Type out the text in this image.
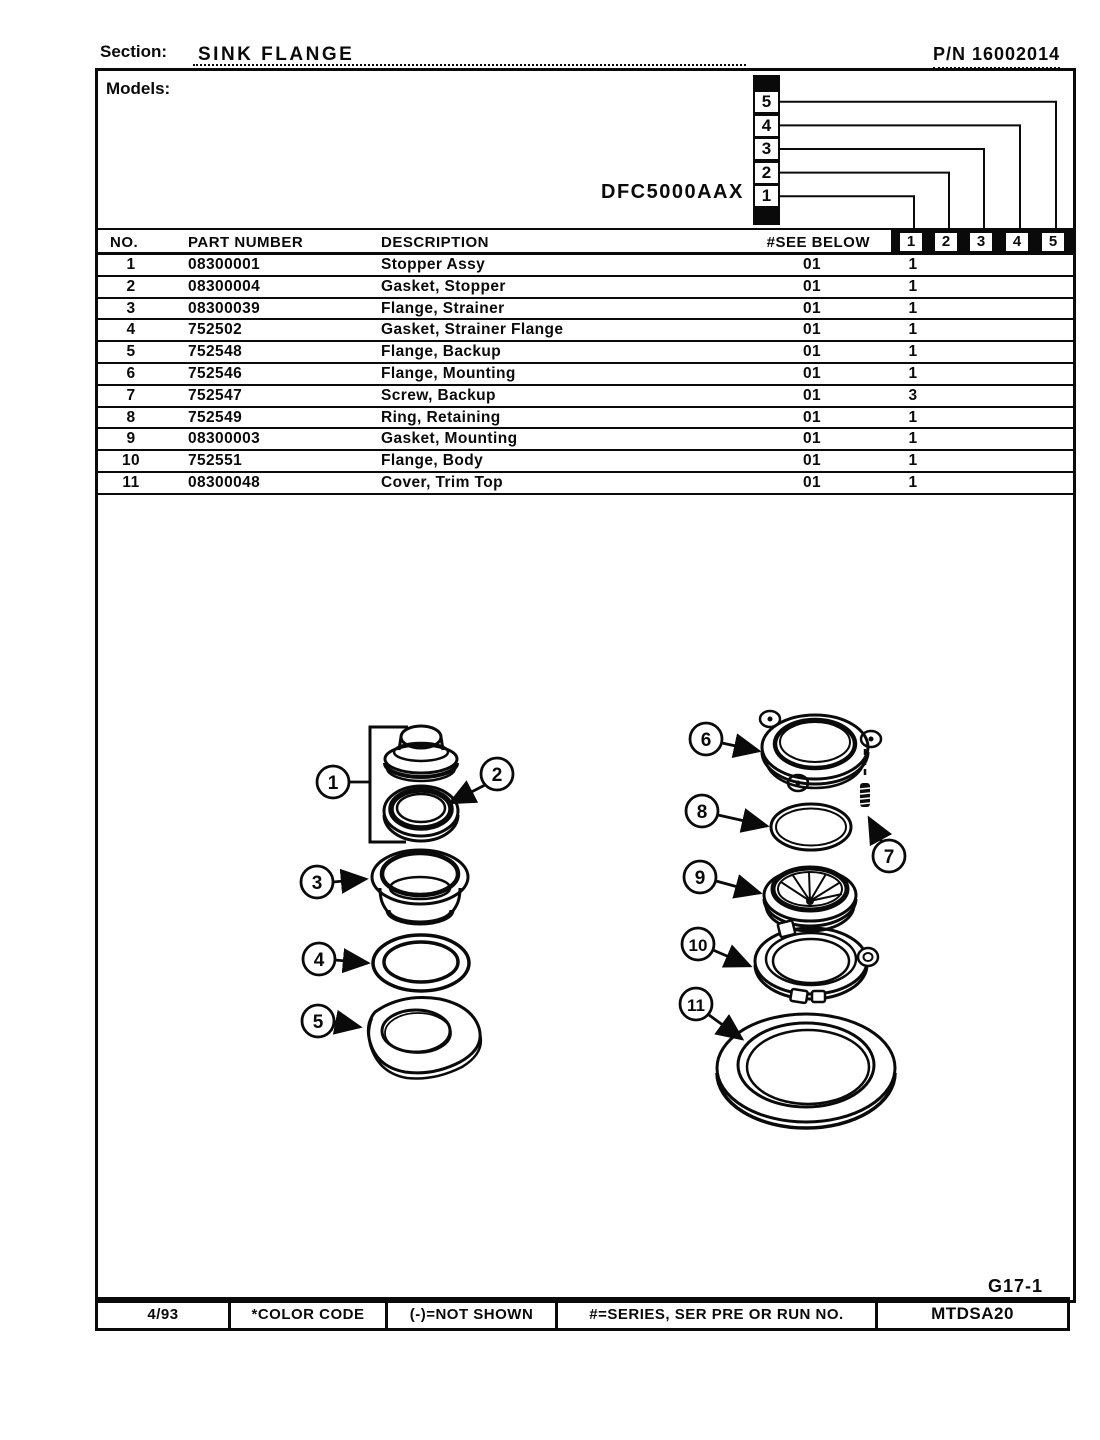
Section: SINK FLANGE	P/N 16002014
Models:
DFC5000AAX
5
4
3
2
1
NO.	PART NUMBER	DESCRIPTION	#SEE BELOW	1	2	3	4	5
1	08300001	Stopper Assy	01	1
2	08300004	Gasket, Stopper	01	1
3	08300039	Flange, Strainer	01	1
4	752502	Gasket, Strainer Flange	01	1
5	752548	Flange, Backup	01	1
6	752546	Flange, Mounting	01	1
7	752547	Screw, Backup	01	3
8	752549	Ring, Retaining	01	1
9	08300003	Gasket, Mounting	01	1
10	752551	Flange, Body	01	1
11	08300048	Cover, Trim Top	01	1
1	2
3
4
5
6
7
8
9
10
11
G17-1
4/93	*COLOR CODE	(-)=NOT SHOWN	#=SERIES, SER PRE OR RUN NO.	MTDSA20
